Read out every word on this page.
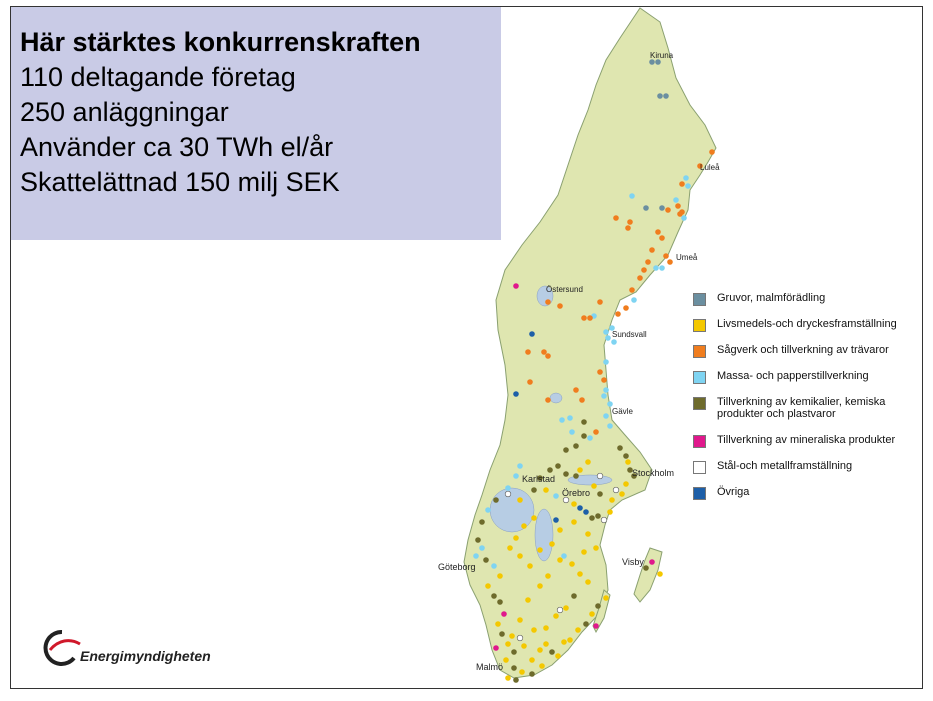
Kiruna
Luleå
Umeå
Östersund
Sundsvall
Gävle
Stockholm
Karlstad
Örebro
Göteborg	Visby
Malmö
Här stärktes konkurrenskraften
110 deltagande företag
250 anläggningar
Använder ca 30 TWh el/år
Skattelättnad 150 milj SEK
Gruvor, malmförädling
Livsmedels-och dryckesframställning
Sågverk och tillverkning av trävaror
Massa- och papperstillverkning
Tillverkning av kemikalier, kemiska produkter och plastvaror
Tillverkning av mineraliska produkter
Stål-och metallframställning
Övriga
Energimyndigheten
